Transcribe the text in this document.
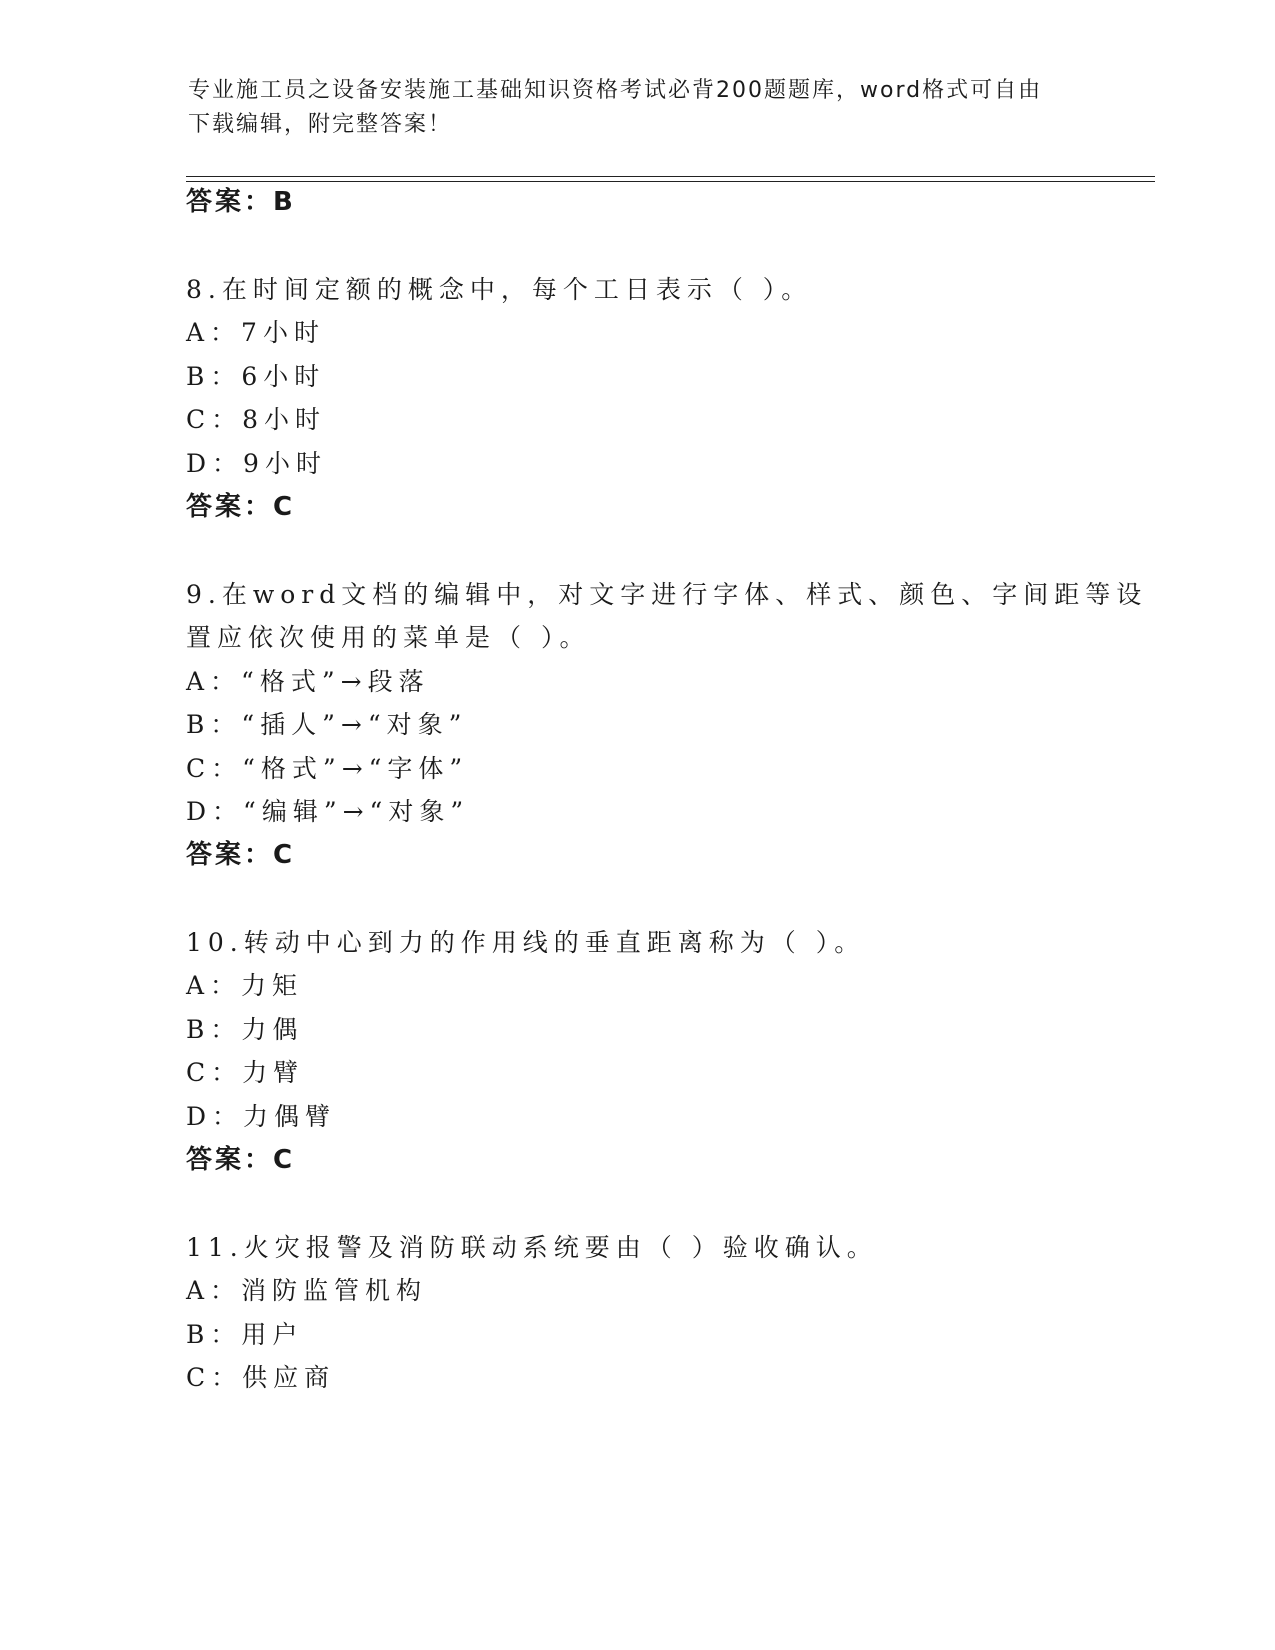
专业施工员之设备安装施工基础知识资格考试必背200题题库，word格式可自由
下载编辑，附完整答案！
答案：B
8.在时间定额的概念中，每个工日表示（ ）。
A：7小时
B：6小时
C：8小时
D：9小时
答案：C
9.在word文档的编辑中，对文字进行字体、样式、颜色、字间距等设
置应依次使用的菜单是（ ）。
A：“格式”→段落
B：“插人”→“对象”
C：“格式”→“字体”
D：“编辑”→“对象”
答案：C
10.转动中心到力的作用线的垂直距离称为（ ）。
A：力矩
B：力偶
C：力臂
D：力偶臂
答案：C
11.火灾报警及消防联动系统要由（ ）验收确认。
A：消防监管机构
B：用户
C：供应商
